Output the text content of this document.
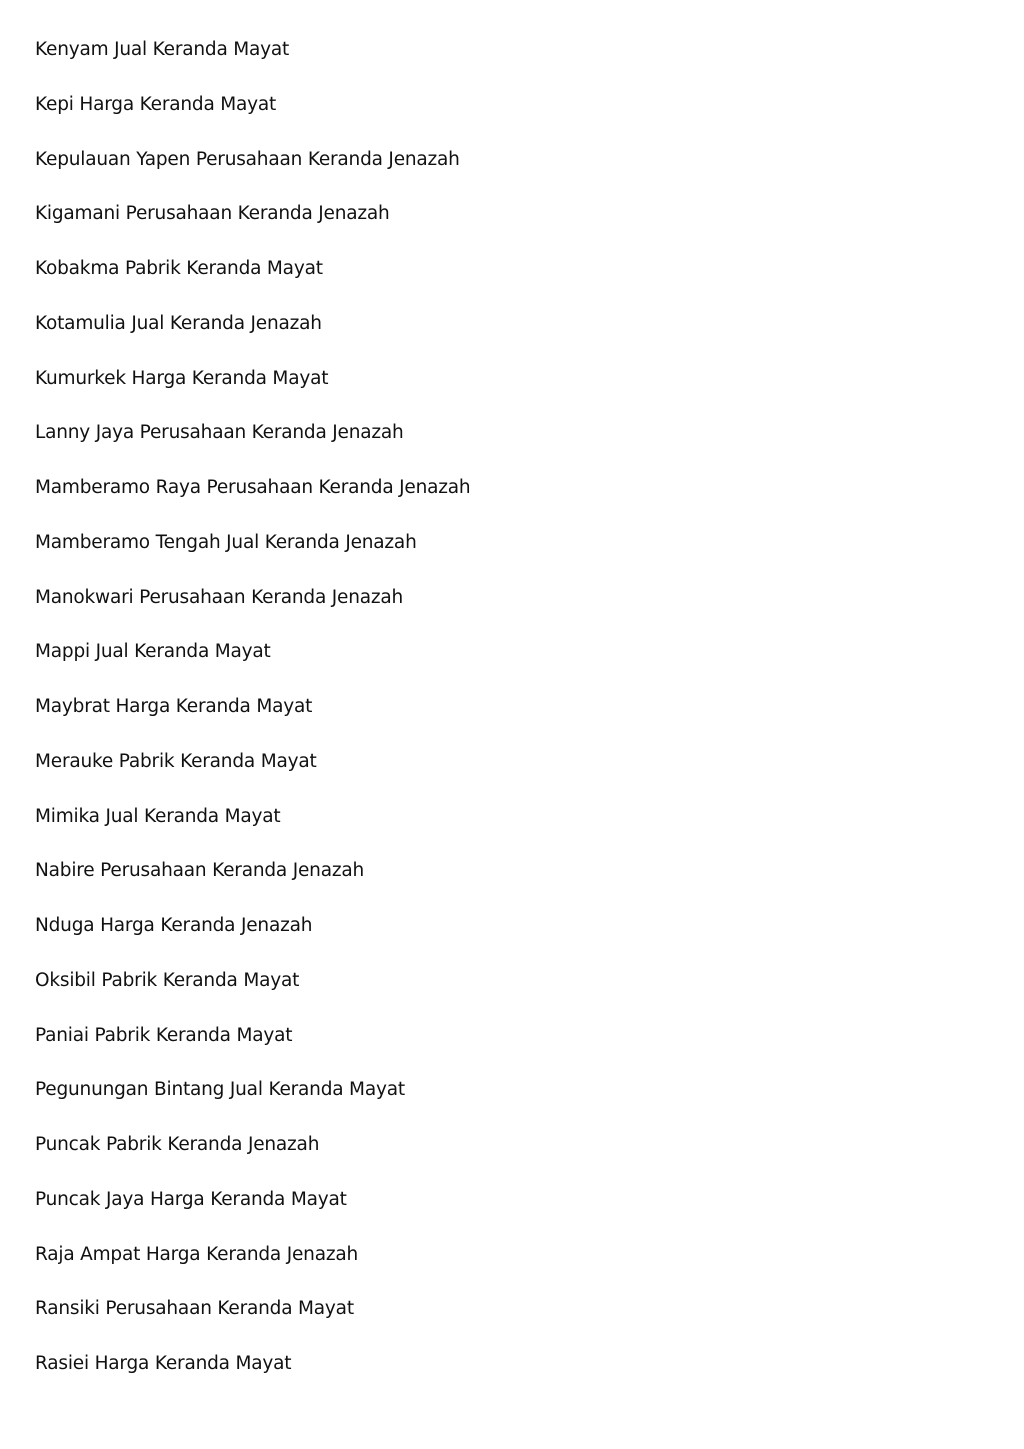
Kenyam Jual Keranda Mayat
Kepi Harga Keranda Mayat
Kepulauan Yapen Perusahaan Keranda Jenazah
Kigamani Perusahaan Keranda Jenazah
Kobakma Pabrik Keranda Mayat
Kotamulia Jual Keranda Jenazah
Kumurkek Harga Keranda Mayat
Lanny Jaya Perusahaan Keranda Jenazah
Mamberamo Raya Perusahaan Keranda Jenazah
Mamberamo Tengah Jual Keranda Jenazah
Manokwari Perusahaan Keranda Jenazah
Mappi Jual Keranda Mayat
Maybrat Harga Keranda Mayat
Merauke Pabrik Keranda Mayat
Mimika Jual Keranda Mayat
Nabire Perusahaan Keranda Jenazah
Nduga Harga Keranda Jenazah
Oksibil Pabrik Keranda Mayat
Paniai Pabrik Keranda Mayat
Pegunungan Bintang Jual Keranda Mayat
Puncak Pabrik Keranda Jenazah
Puncak Jaya Harga Keranda Mayat
Raja Ampat Harga Keranda Jenazah
Ransiki Perusahaan Keranda Mayat
Rasiei Harga Keranda Mayat
